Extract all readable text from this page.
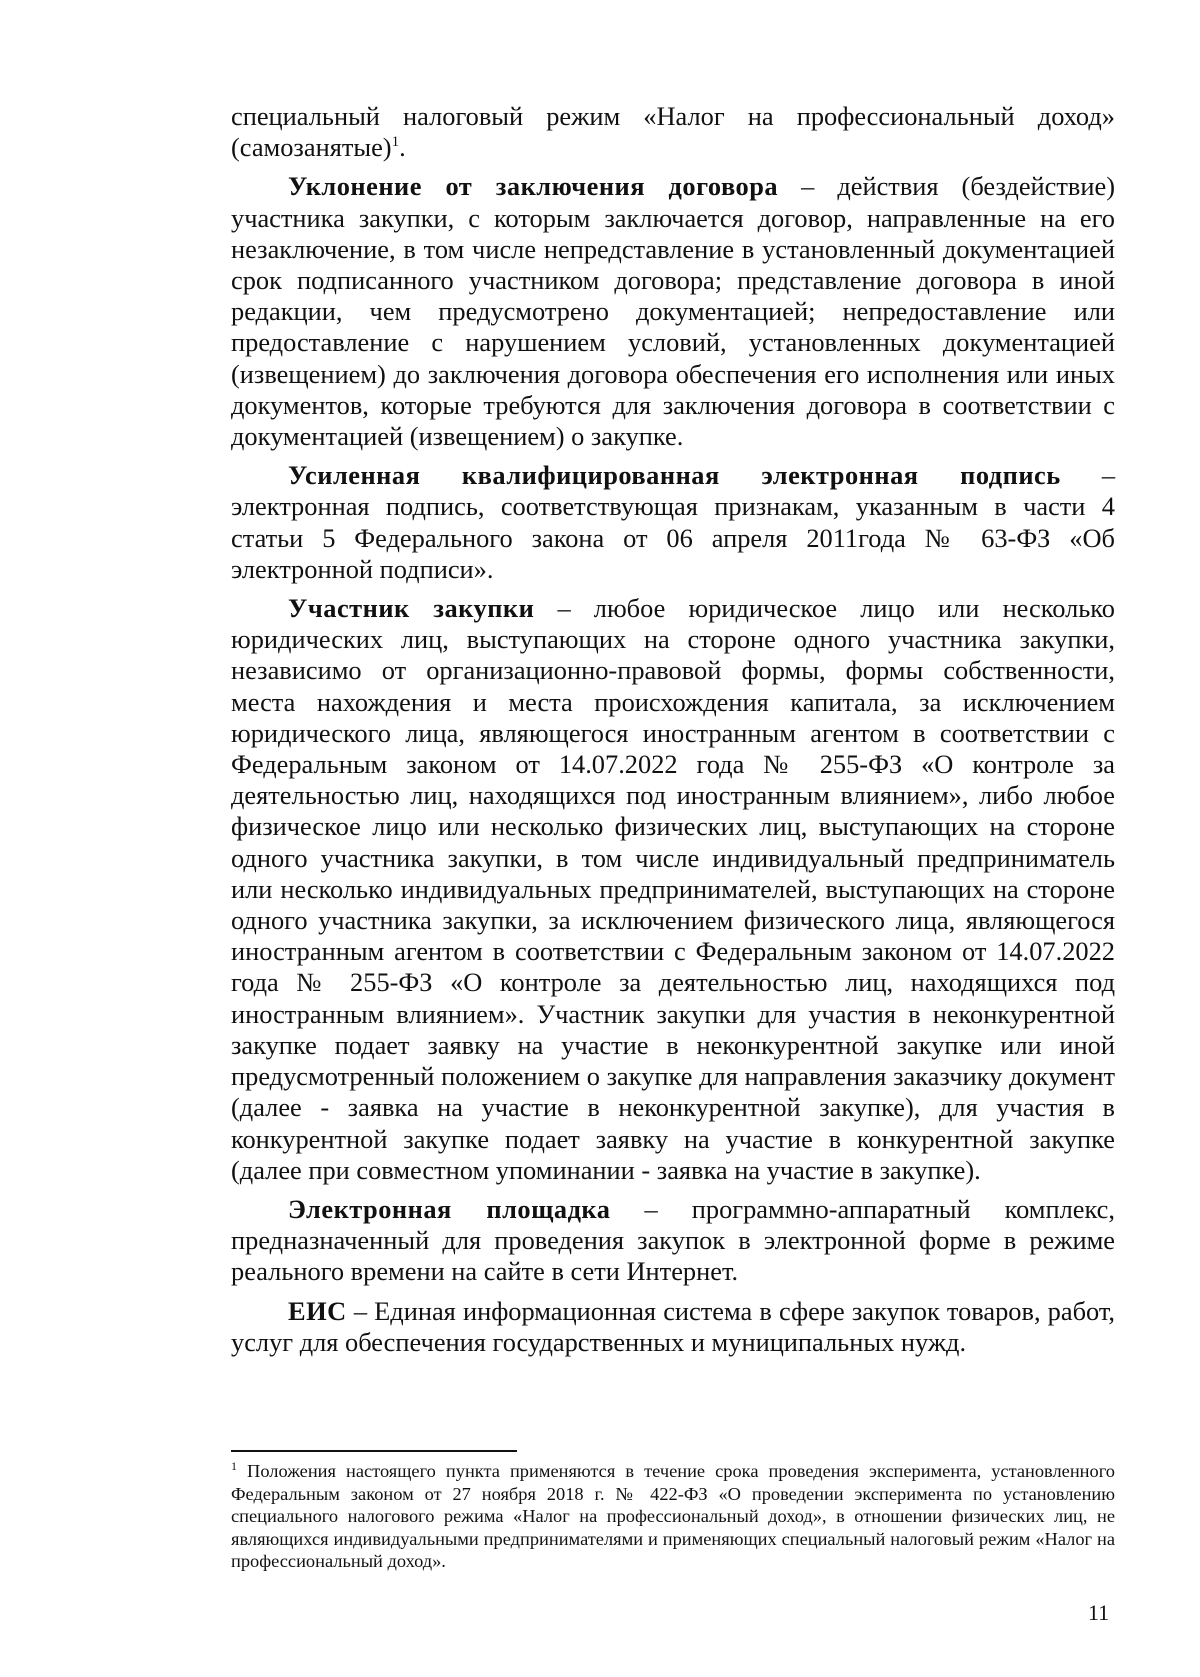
специальный налоговый режим «Налог на профессиональный доход» (самозанятые)$^1$.

Уклонение от заключения договора – действия (бездействие) участника закупки, с которым заключается договор, направленные на его незаключение, в том числе непредставление в установленный документацией срок подписанного участником договора; представление договора в иной редакции, чем предусмотрено документацией; непредоставление или предоставление с нарушением условий, установленных документацией (извещением) до заключения договора обеспечения его исполнения или иных документов, которые требуются для заключения договора в соответствии с документацией (извещением) о закупке.

Усиленная квалифицированная электронная подпись – электронная подпись, соответствующая признакам, указанным в части 4 статьи 5 Федерального закона от 06 апреля 2011года № 63-ФЗ «Об электронной подписи».

Участник закупки – любое юридическое лицо или несколько юридических лиц, выступающих на стороне одного участника закупки, независимо от организационно-правовой формы, формы собственности, места нахождения и места происхождения капитала, за исключением юридического лица, являющегося иностранным агентом в соответствии с Федеральным законом от 14.07.2022 года № 255-ФЗ «О контроле за деятельностью лиц, находящихся под иностранным влиянием», либо любое физическое лицо или несколько физических лиц, выступающих на стороне одного участника закупки, в том числе индивидуальный предприниматель или несколько индивидуальных предпринимателей, выступающих на стороне одного участника закупки, за исключением физического лица, являющегося иностранным агентом в соответствии с Федеральным законом от 14.07.2022 года № 255-ФЗ «О контроле за деятельностью лиц, находящихся под иностранным влиянием». Участник закупки для участия в неконкурентной закупке подает заявку на участие в неконкурентной закупке или иной предусмотренный положением о закупке для направления заказчику документ (далее - заявка на участие в неконкурентной закупке), для участия в конкурентной закупке подает заявку на участие в конкурентной закупке (далее при совместном упоминании - заявка на участие в закупке).

Электронная площадка – программно-аппаратный комплекс, предназначенный для проведения закупок в электронной форме в режиме реального времени на сайте в сети Интернет.

ЕИС – Единая информационная система в сфере закупок товаров, работ, услуг для обеспечения государственных и муниципальных нужд.

$^1$ Положения настоящего пункта применяются в течение срока проведения эксперимента, установленного Федеральным законом от 27 ноября 2018 г. № 422-ФЗ «О проведении эксперимента по установлению специального налогового режима «Налог на профессиональный доход», в отношении физических лиц, не являющихся индивидуальными предпринимателями и применяющих специальный налоговый режим «Налог на профессиональный доход».
11
